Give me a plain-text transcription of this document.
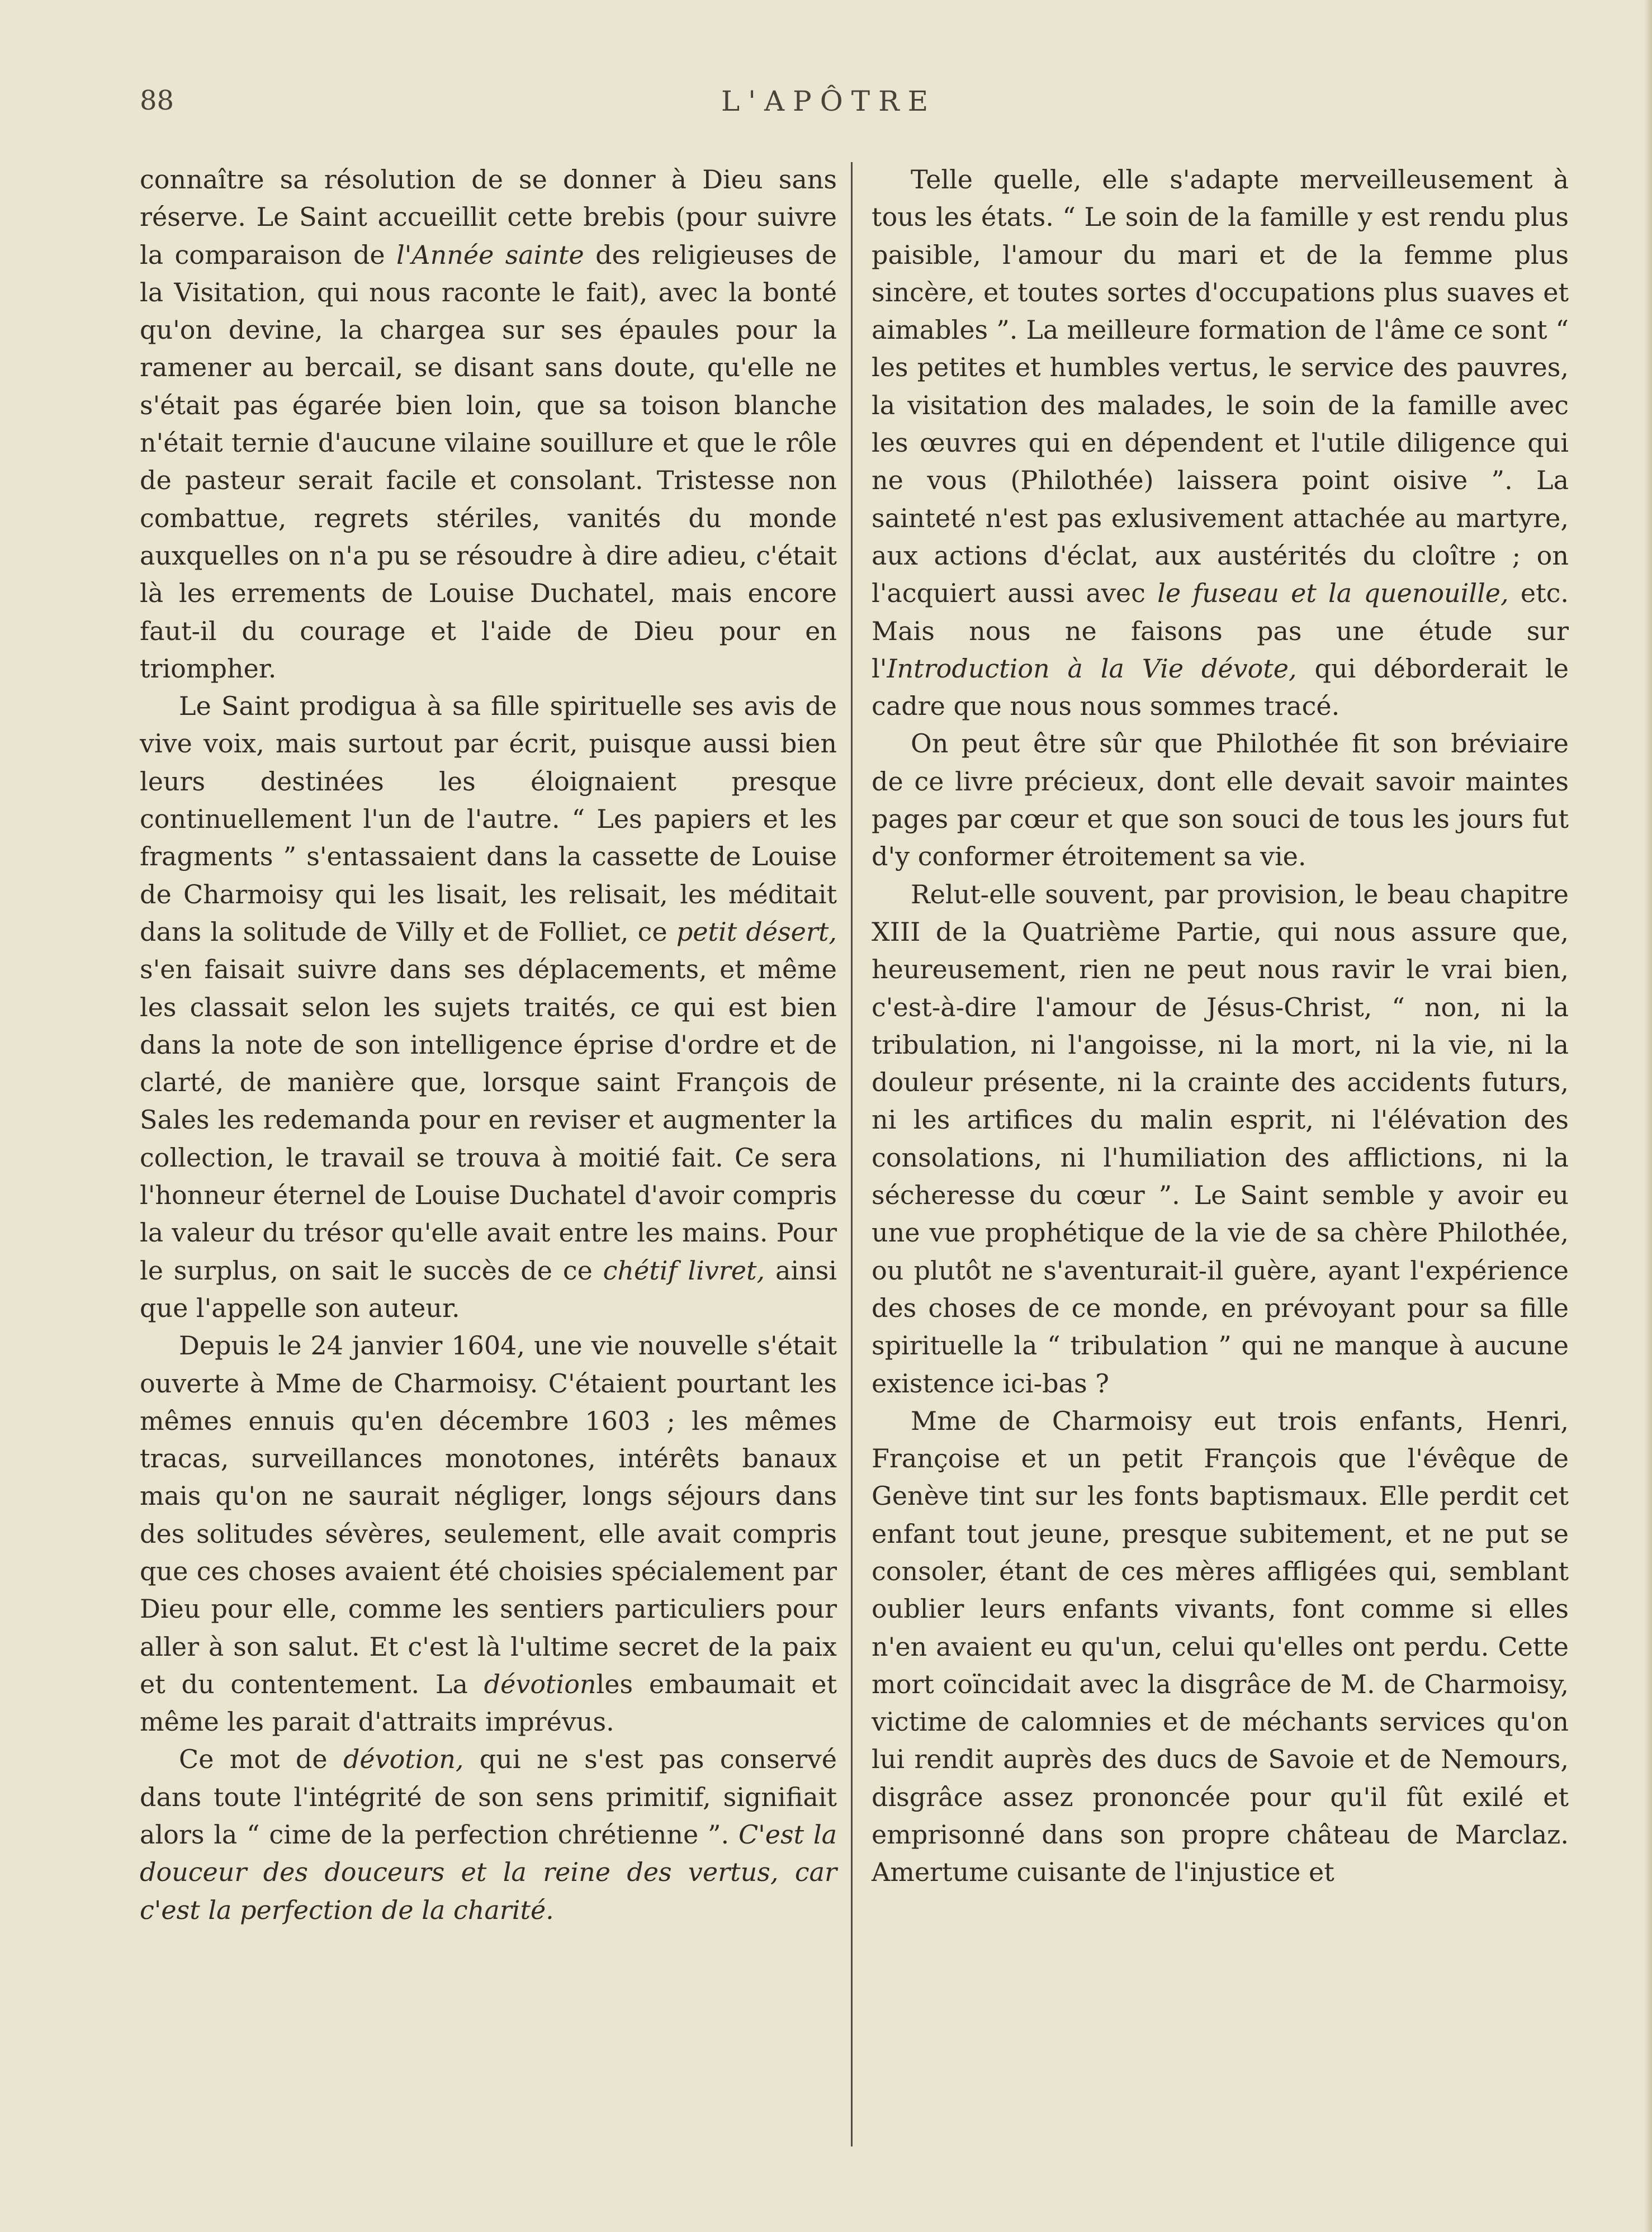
88	L'APÔTRE

connaître sa résolution de se donner à Dieu sans réserve. Le Saint accueillit cette brebis (pour suivre la comparaison de l'Année sainte des religieuses de la Visitation, qui nous raconte le fait), avec la bonté qu'on devine, la chargea sur ses épaules pour la ramener au bercail, se disant sans doute, qu'elle ne s'était pas égarée bien loin, que sa toison blanche n'était ternie d'aucune vilaine souillure et que le rôle de pasteur serait facile et consolant. Tristesse non combattue, regrets stériles, vanités du monde auxquelles on n'a pu se résoudre à dire adieu, c'était là les errements de Louise Duchatel, mais encore faut-il du courage et l'aide de Dieu pour en triompher.

Le Saint prodigua à sa fille spirituelle ses avis de vive voix, mais surtout par écrit, puisque aussi bien leurs destinées les éloignaient presque continuellement l'un de l'autre. “ Les papiers et les fragments ” s'entassaient dans la cassette de Louise de Charmoisy qui les lisait, les relisait, les méditait dans la solitude de Villy et de Folliet, ce petit désert, s'en faisait suivre dans ses déplacements, et même les classait selon les sujets traités, ce qui est bien dans la note de son intelligence éprise d'ordre et de clarté, de manière que, lorsque saint François de Sales les redemanda pour en reviser et augmenter la collection, le travail se trouva à moitié fait. Ce sera l'honneur éternel de Louise Duchatel d'avoir compris la valeur du trésor qu'elle avait entre les mains. Pour le surplus, on sait le succès de ce chétif livret, ainsi que l'appelle son auteur.

Depuis le 24 janvier 1604, une vie nouvelle s'était ouverte à Mme de Charmoisy. C'étaient pourtant les mêmes ennuis qu'en décembre 1603 ; les mêmes tracas, surveillances monotones, intérêts banaux mais qu'on ne saurait négliger, longs séjours dans des solitudes sévères, seulement, elle avait compris que ces choses avaient été choisies spécialement par Dieu pour elle, comme les sentiers particuliers pour aller à son salut. Et c'est là l'ultime secret de la paix et du contentement. La dévotionles embaumait et même les parait d'attraits imprévus.

Ce mot de dévotion, qui ne s'est pas conservé dans toute l'intégrité de son sens primitif, signifiait alors la “ cime de la perfection chrétienne ”. C'est la douceur des douceurs et la reine des vertus, car c'est la perfection de la charité.

Telle quelle, elle s'adapte merveilleusement à tous les états. “ Le soin de la famille y est rendu plus paisible, l'amour du mari et de la femme plus sincère, et toutes sortes d'occupations plus suaves et aimables ”. La meilleure formation de l'âme ce sont “ les petites et humbles vertus, le service des pauvres, la visitation des malades, le soin de la famille avec les œuvres qui en dépendent et l'utile diligence qui ne vous (Philothée) laissera point oisive ”. La sainteté n'est pas exlusivement attachée au martyre, aux actions d'éclat, aux austérités du cloître ; on l'acquiert aussi avec le fuseau et la quenouille, etc. Mais nous ne faisons pas une étude sur l'Introduction à la Vie dévote, qui déborderait le cadre que nous nous sommes tracé.

On peut être sûr que Philothée fit son bréviaire de ce livre précieux, dont elle devait savoir maintes pages par cœur et que son souci de tous les jours fut d'y conformer étroitement sa vie.

Relut-elle souvent, par provision, le beau chapitre XIII de la Quatrième Partie, qui nous assure que, heureusement, rien ne peut nous ravir le vrai bien, c'est-à-dire l'amour de Jésus-Christ, “ non, ni la tribulation, ni l'angoisse, ni la mort, ni la vie, ni la douleur présente, ni la crainte des accidents futurs, ni les artifices du malin esprit, ni l'élévation des consolations, ni l'humiliation des afflictions, ni la sécheresse du cœur ”. Le Saint semble y avoir eu une vue prophétique de la vie de sa chère Philothée, ou plutôt ne s'aventurait-il guère, ayant l'expérience des choses de ce monde, en prévoyant pour sa fille spirituelle la “ tribulation ” qui ne manque à aucune existence ici-bas ?

Mme de Charmoisy eut trois enfants, Henri, Françoise et un petit François que l'évêque de Genève tint sur les fonts baptismaux. Elle perdit cet enfant tout jeune, presque subitement, et ne put se consoler, étant de ces mères affligées qui, semblant oublier leurs enfants vivants, font comme si elles n'en avaient eu qu'un, celui qu'elles ont perdu. Cette mort coïncidait avec la disgrâce de M. de Charmoisy, victime de calomnies et de méchants services qu'on lui rendit auprès des ducs de Savoie et de Nemours, disgrâce assez prononcée pour qu'il fût exilé et emprisonné dans son propre château de Marclaz. Amertume cuisante de l'injustice et
